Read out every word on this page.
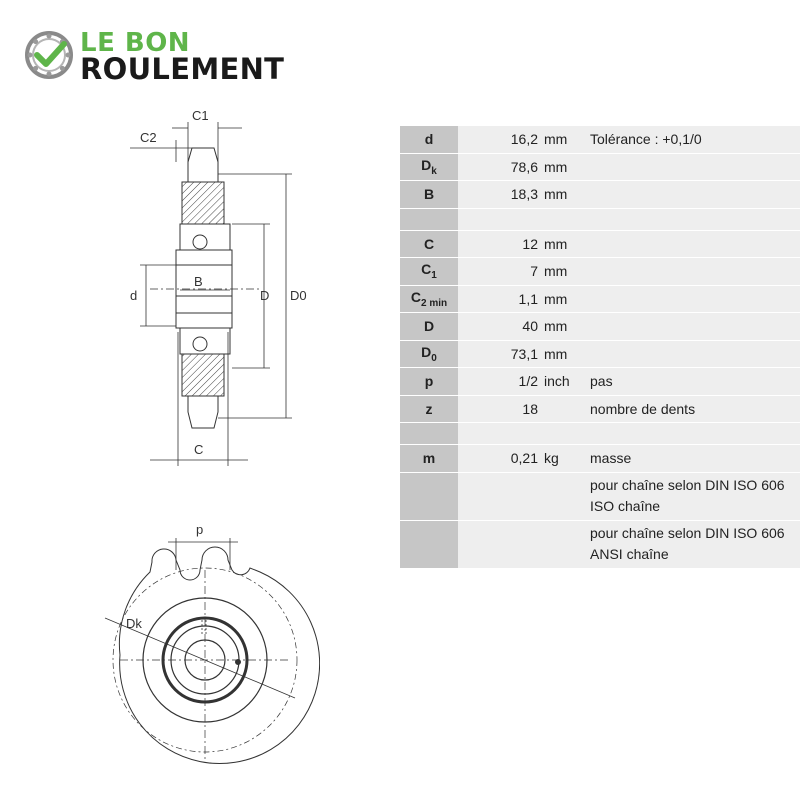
LE BON
ROULEMENT
C1
C2
B
d	D D0
C
p
Dk
d	16,2	mm	Tolérance : +0,1/0
$D_k$	78,6	mm	
B	18,3	mm	

C	12	mm	
$C_1$	7	mm	
$C_{2 min}$	1,1	mm	
D	40	mm	
$D_0$	73,1	mm	
p	1/2	inch	pas
z	18		nombre de dents

m	0,21	kg	masse

			pour chaîne selon DIN ISO 606
ISO chaîne

			pour chaîne selon DIN ISO 606
ANSI chaîne
